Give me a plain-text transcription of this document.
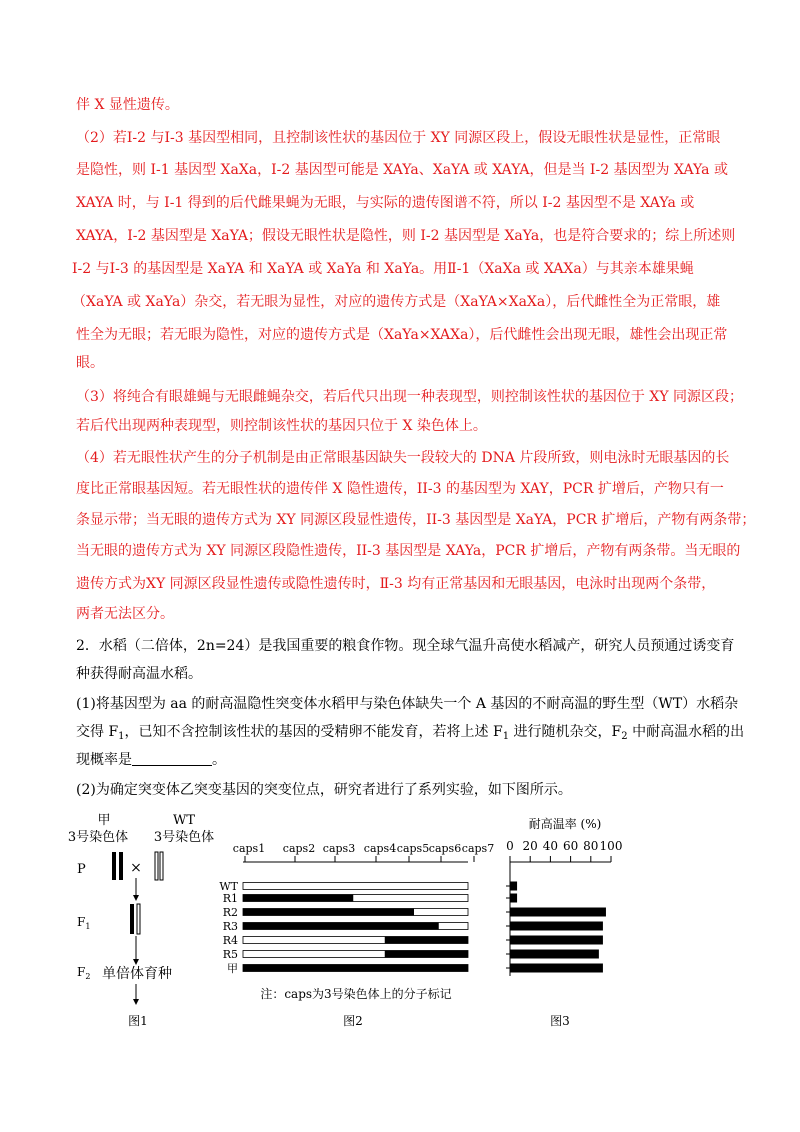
伴 X 显性遗传。
（2）若Ⅰ-2 与Ⅰ-3 基因型相同，且控制该性状的基因位于 XY 同源区段上，假设无眼性状是显性，正常眼
是隐性，则 I-1 基因型 XaXa，I-2 基因型可能是 XAYa、XaYA 或 XAYA，但是当 I-2 基因型为 XAYa 或
XAYA 时，与 I-1 得到的后代雌果蝇为无眼，与实际的遗传图谱不符，所以 I-2 基因型不是 XAYa 或
XAYA，I-2 基因型是 XaYA；假设无眼性状是隐性，则 I-2 基因型是 XaYa，也是符合要求的；综上所述则
Ⅰ-2 与Ⅰ-3 的基因型是 XaYA 和 XaYA 或 XaYa 和 XaYa。用Ⅱ-1（XaXa 或 XAXa）与其亲本雄果蝇
（XaYA 或 XaYa）杂交，若无眼为显性，对应的遗传方式是（XaYA×XaXa），后代雌性全为正常眼，雄
性全为无眼；若无眼为隐性，对应的遗传方式是（XaYa×XAXa），后代雌性会出现无眼，雄性会出现正常
眼。
（3）将纯合有眼雄蝇与无眼雌蝇杂交，若后代只出现一种表现型，则控制该性状的基因位于 XY 同源区段；
若后代出现两种表现型，则控制该性状的基因只位于 X 染色体上。
（4）若无眼性状产生的分子机制是由正常眼基因缺失一段较大的 DNA 片段所致，则电泳时无眼基因的长
度比正常眼基因短。若无眼性状的遗传伴 X 隐性遗传，II-3 的基因型为 XAY，PCR 扩增后，产物只有一
条显示带；当无眼的遗传方式为 XY 同源区段显性遗传，II-3 基因型是 XaYA，PCR 扩增后，产物有两条带；
当无眼的遗传方式为 XY 同源区段隐性遗传，II-3 基因型是 XAYa，PCR 扩增后，产物有两条带。当无眼的
遗传方式为XY 同源区段显性遗传或隐性遗传时，Ⅱ-3 均有正常基因和无眼基因，电泳时出现两个条带，
两者无法区分。
2．水稻（二倍体，2n=24）是我国重要的粮食作物。现全球气温升高使水稻减产，研究人员预通过诱变育
种获得耐高温水稻。
(1)将基因型为 aa 的耐高温隐性突变体水稻甲与染色体缺失一个 A 基因的不耐高温的野生型（WT）水稻杂
交得 $F_1$，已知不含控制该性状的基因的受精卵不能发育，若将上述 $F_1$ 进行随机杂交，$F_2$ 中耐高温水稻的出
现概率是	。
(2)为确定突变体乙突变基因的突变位点，研究者进行了系列实验，如下图所示。
甲	WT
3号染色体 3号染色体
P	×
$F_1$
$F_2$ 单倍体育种
图1
caps1 caps2 caps3 caps4 caps5 caps6 caps7
WT
R1
R2
R3
R4
R5
甲
注：caps为3号染色体上的分子标记
图2
耐高温率 (%)
0 20 40 60 80 100
图3
